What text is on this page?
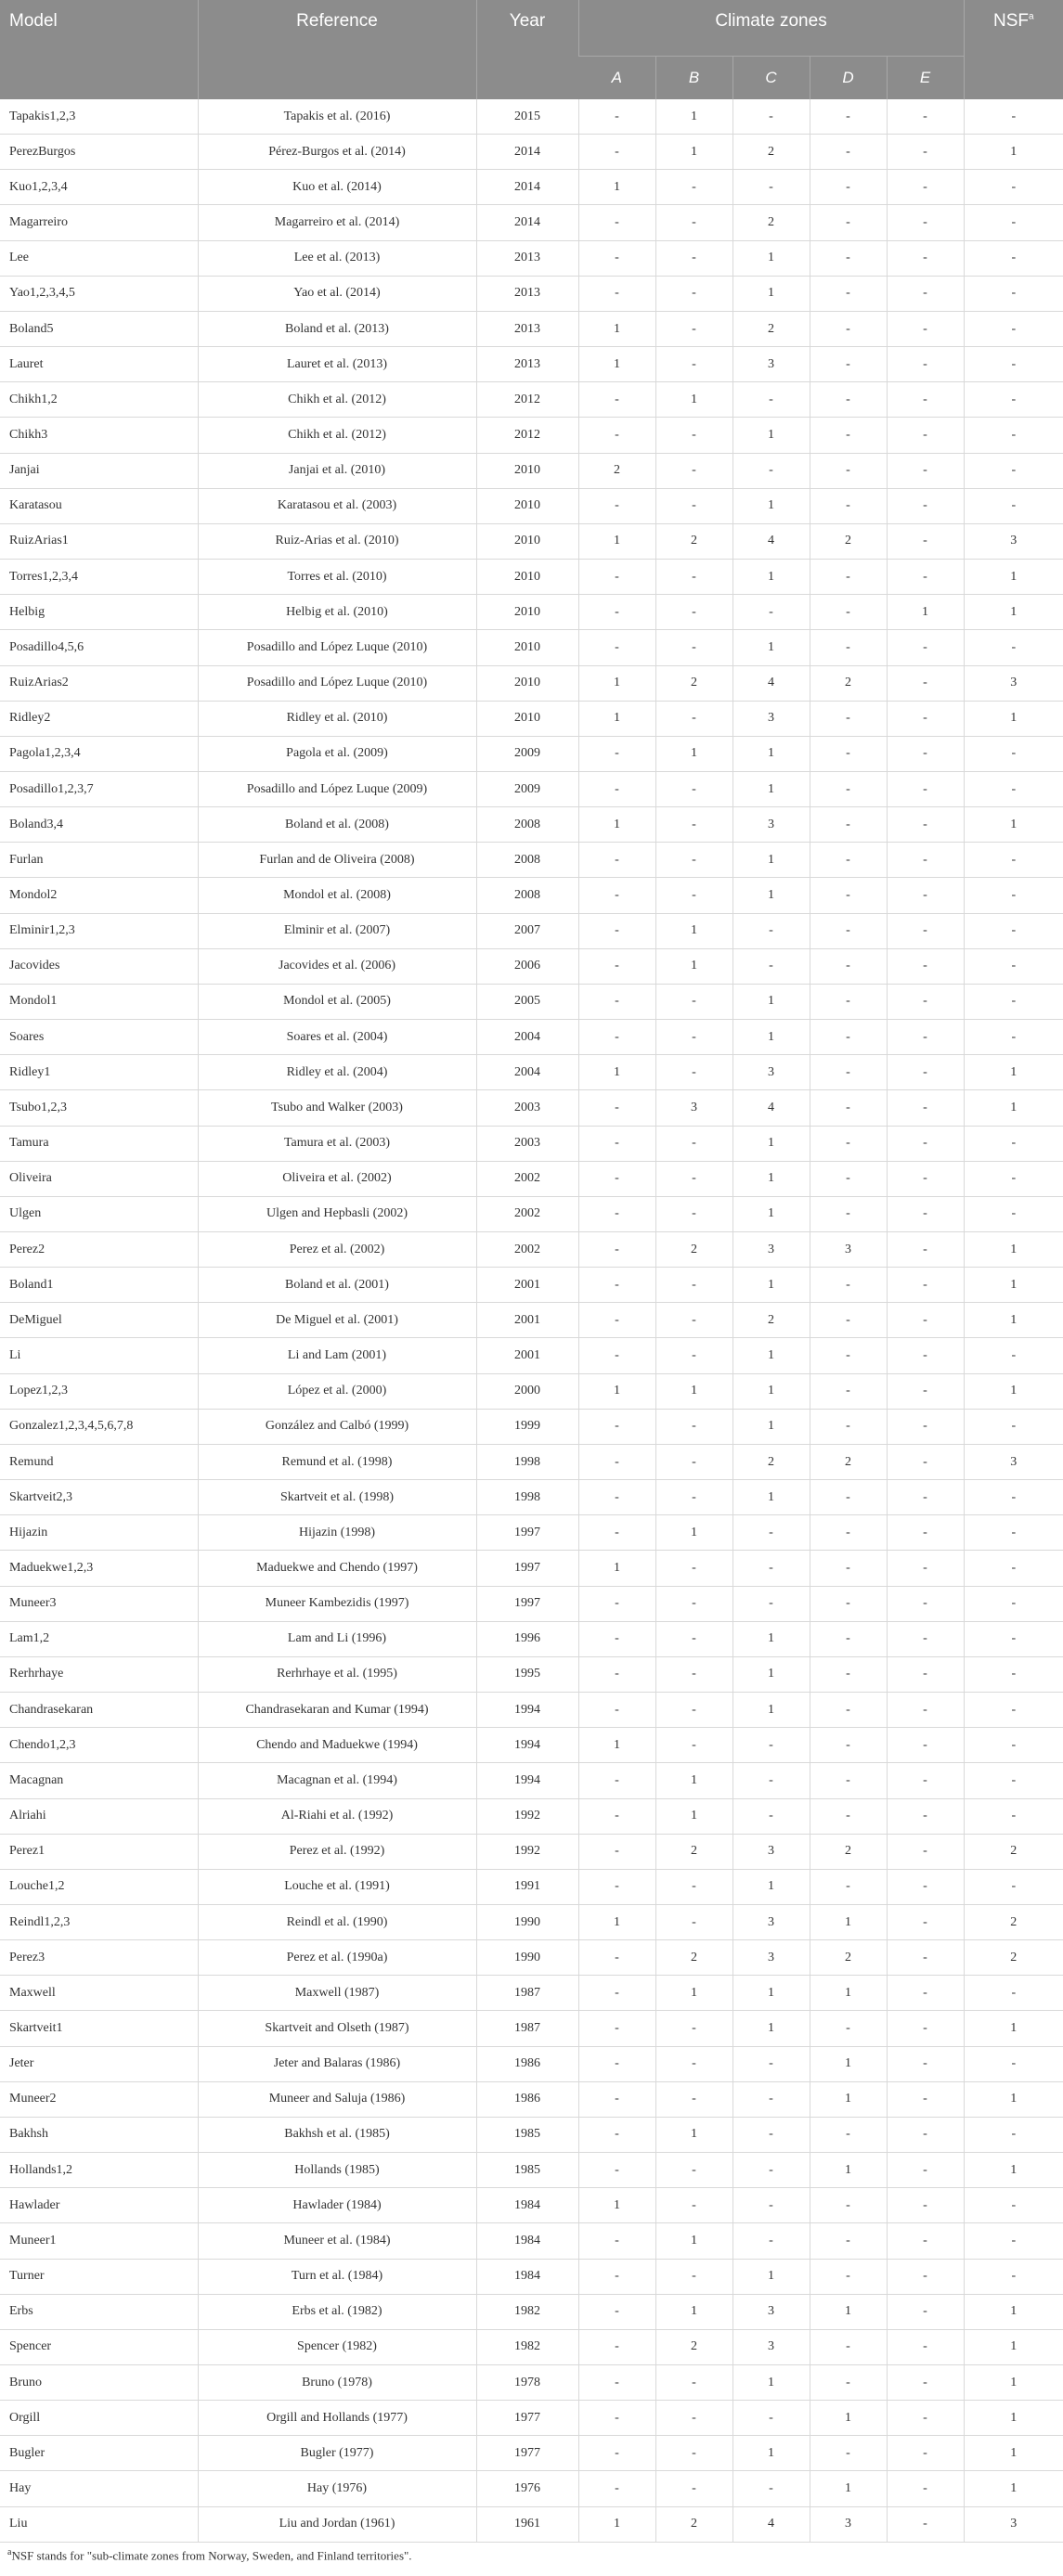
Model	Reference	Year	Climate zones					NSF$^a$
			A	B	C	D	E	
Tapakis1,2,3	Tapakis et al. (2016)	2015	-	1	-	-	-	-
PerezBurgos	Pérez-Burgos et al. (2014)	2014	-	1	2	-	-	1
Kuo1,2,3,4	Kuo et al. (2014)	2014	1	-	-	-	-	-
Magarreiro	Magarreiro et al. (2014)	2014	-	-	2	-	-	-
Lee	Lee et al. (2013)	2013	-	-	1	-	-	-
Yao1,2,3,4,5	Yao et al. (2014)	2013	-	-	1	-	-	-
Boland5	Boland et al. (2013)	2013	1	-	2	-	-	-
Lauret	Lauret et al. (2013)	2013	1	-	3	-	-	-
Chikh1,2	Chikh et al. (2012)	2012	-	1	-	-	-	-
Chikh3	Chikh et al. (2012)	2012	-	-	1	-	-	-
Janjai	Janjai et al. (2010)	2010	2	-	-	-	-	-
Karatasou	Karatasou et al. (2003)	2010	-	-	1	-	-	-
RuizArias1	Ruiz-Arias et al. (2010)	2010	1	2	4	2	-	3
Torres1,2,3,4	Torres et al. (2010)	2010	-	-	1	-	-	1
Helbig	Helbig et al. (2010)	2010	-	-	-	-	1	1
Posadillo4,5,6	Posadillo and López Luque (2010)	2010	-	-	1	-	-	-
RuizArias2	Posadillo and López Luque (2010)	2010	1	2	4	2	-	3
Ridley2	Ridley et al. (2010)	2010	1	-	3	-	-	1
Pagola1,2,3,4	Pagola et al. (2009)	2009	-	1	1	-	-	-
Posadillo1,2,3,7	Posadillo and López Luque (2009)	2009	-	-	1	-	-	-
Boland3,4	Boland et al. (2008)	2008	1	-	3	-	-	1
Furlan	Furlan and de Oliveira (2008)	2008	-	-	1	-	-	-
Mondol2	Mondol et al. (2008)	2008	-	-	1	-	-	-
Elminir1,2,3	Elminir et al. (2007)	2007	-	1	-	-	-	-
Jacovides	Jacovides et al. (2006)	2006	-	1	-	-	-	-
Mondol1	Mondol et al. (2005)	2005	-	-	1	-	-	-
Soares	Soares et al. (2004)	2004	-	-	1	-	-	-
Ridley1	Ridley et al. (2004)	2004	1	-	3	-	-	1
Tsubo1,2,3	Tsubo and Walker (2003)	2003	-	3	4	-	-	1
Tamura	Tamura et al. (2003)	2003	-	-	1	-	-	-
Oliveira	Oliveira et al. (2002)	2002	-	-	1	-	-	-
Ulgen	Ulgen and Hepbasli (2002)	2002	-	-	1	-	-	-
Perez2	Perez et al. (2002)	2002	-	2	3	3	-	1
Boland1	Boland et al. (2001)	2001	-	-	1	-	-	1
DeMiguel	De Miguel et al. (2001)	2001	-	-	2	-	-	1
Li	Li and Lam (2001)	2001	-	-	1	-	-	-
Lopez1,2,3	López et al. (2000)	2000	1	1	1	-	-	1
Gonzalez1,2,3,4,5,6,7,8	González and Calbó (1999)	1999	-	-	1	-	-	-
Remund	Remund et al. (1998)	1998	-	-	2	2	-	3
Skartveit2,3	Skartveit et al. (1998)	1998	-	-	1	-	-	-
Hijazin	Hijazin (1998)	1997	-	1	-	-	-	-
Maduekwe1,2,3	Maduekwe and Chendo (1997)	1997	1	-	-	-	-	-
Muneer3	Muneer Kambezidis (1997)	1997	-	-	-	-	-	-
Lam1,2	Lam and Li (1996)	1996	-	-	1	-	-	-
Rerhrhaye	Rerhrhaye et al. (1995)	1995	-	-	1	-	-	-
Chandrasekaran	Chandrasekaran and Kumar (1994)	1994	-	-	1	-	-	-
Chendo1,2,3	Chendo and Maduekwe (1994)	1994	1	-	-	-	-	-
Macagnan	Macagnan et al. (1994)	1994	-	1	-	-	-	-
Alriahi	Al-Riahi et al. (1992)	1992	-	1	-	-	-	-
Perez1	Perez et al. (1992)	1992	-	2	3	2	-	2
Louche1,2	Louche et al. (1991)	1991	-	-	1	-	-	-
Reindl1,2,3	Reindl et al. (1990)	1990	1	-	3	1	-	2
Perez3	Perez et al. (1990a)	1990	-	2	3	2	-	2
Maxwell	Maxwell (1987)	1987	-	1	1	1	-	-
Skartveit1	Skartveit and Olseth (1987)	1987	-	-	1	-	-	1
Jeter	Jeter and Balaras (1986)	1986	-	-	-	1	-	-
Muneer2	Muneer and Saluja (1986)	1986	-	-	-	1	-	1
Bakhsh	Bakhsh et al. (1985)	1985	-	1	-	-	-	-
Hollands1,2	Hollands (1985)	1985	-	-	-	1	-	1
Hawlader	Hawlader (1984)	1984	1	-	-	-	-	-
Muneer1	Muneer et al. (1984)	1984	-	1	-	-	-	-
Turner	Turn et al. (1984)	1984	-	-	1	-	-	-
Erbs	Erbs et al. (1982)	1982	-	1	3	1	-	1
Spencer	Spencer (1982)	1982	-	2	3	-	-	1
Bruno	Bruno (1978)	1978	-	-	1	-	-	1
Orgill	Orgill and Hollands (1977)	1977	-	-	-	1	-	1
Bugler	Bugler (1977)	1977	-	-	1	-	-	1
Hay	Hay (1976)	1976	-	-	-	1	-	1
Liu	Liu and Jordan (1961)	1961	1	2	4	3	-	3
$^a$NSF stands for "sub-climate zones from Norway, Sweden, and Finland territories".
